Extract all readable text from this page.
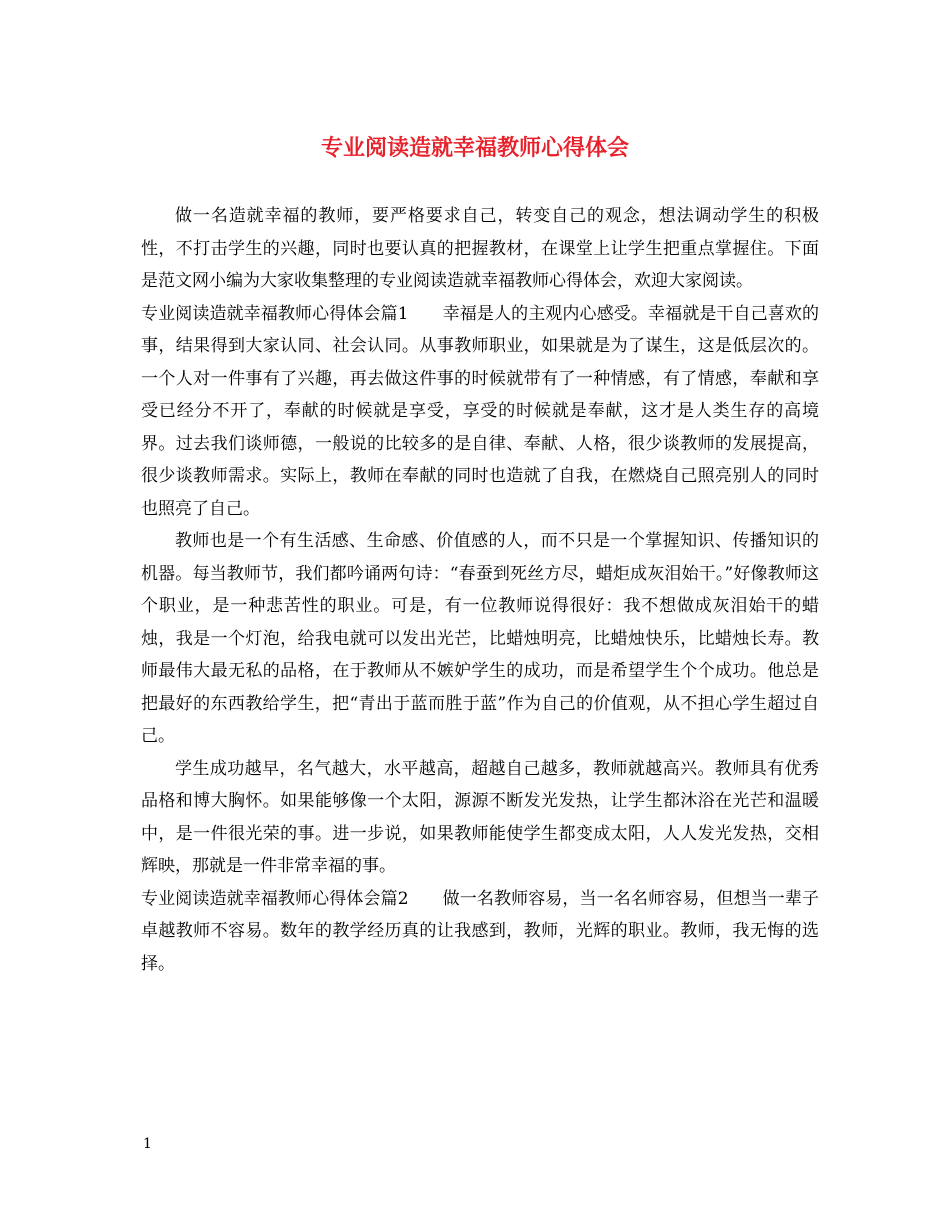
专业阅读造就幸福教师心得体会

做一名造就幸福的教师，要严格要求自己，转变自己的观念，想法调动学生的积极性，不打击学生的兴趣，同时也要认真的把握教材，在课堂上让学生把重点掌握住。下面是范文网小编为大家收集整理的专业阅读造就幸福教师心得体会，欢迎大家阅读。

专业阅读造就幸福教师心得体会篇1 幸福是人的主观内心感受。幸福就是干自己喜欢的事，结果得到大家认同、社会认同。从事教师职业，如果就是为了谋生，这是低层次的。一个人对一件事有了兴趣，再去做这件事的时候就带有了一种情感，有了情感，奉献和享受已经分不开了，奉献的时候就是享受，享受的时候就是奉献，这才是人类生存的高境界。过去我们谈师德，一般说的比较多的是自律、奉献、人格，很少谈教师的发展提高，很少谈教师需求。实际上，教师在奉献的同时也造就了自我，在燃烧自己照亮别人的同时也照亮了自己。

教师也是一个有生活感、生命感、价值感的人，而不只是一个掌握知识、传播知识的机器。每当教师节，我们都吟诵两句诗：“春蚕到死丝方尽，蜡炬成灰泪始干。”好像教师这个职业，是一种悲苦性的职业。可是，有一位教师说得很好：我不想做成灰泪始干的蜡烛，我是一个灯泡，给我电就可以发出光芒，比蜡烛明亮，比蜡烛快乐，比蜡烛长寿。教师最伟大最无私的品格，在于教师从不嫉妒学生的成功，而是希望学生个个成功。他总是把最好的东西教给学生，把“青出于蓝而胜于蓝”作为自己的价值观，从不担心学生超过自己。

学生成功越早，名气越大，水平越高，超越自己越多，教师就越高兴。教师具有优秀品格和博大胸怀。如果能够像一个太阳，源源不断发光发热，让学生都沐浴在光芒和温暖中，是一件很光荣的事。进一步说，如果教师能使学生都变成太阳，人人发光发热，交相辉映，那就是一件非常幸福的事。

专业阅读造就幸福教师心得体会篇2 做一名教师容易，当一名名师容易，但想当一辈子卓越教师不容易。数年的教学经历真的让我感到，教师，光辉的职业。教师，我无悔的选择。

1
